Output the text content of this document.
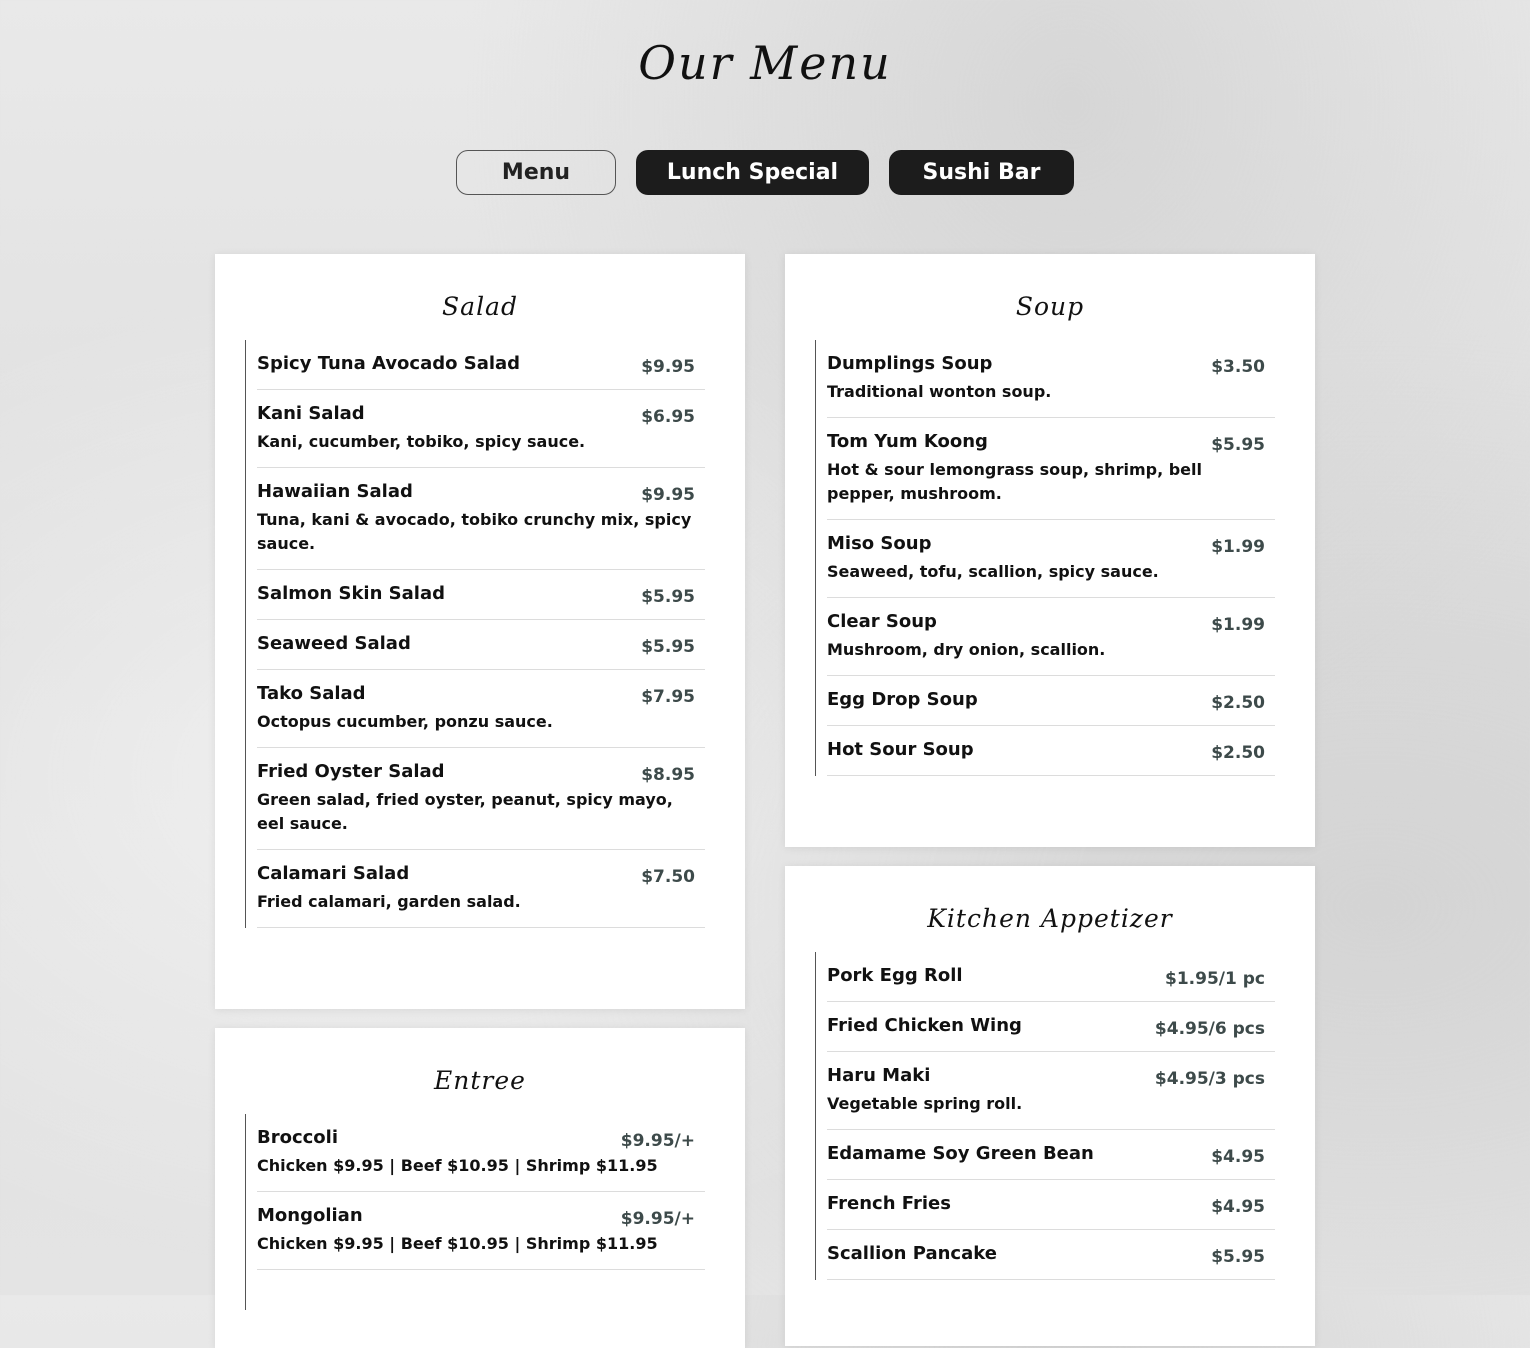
Our Menu
Menu	Lunch Special	Sushi Bar
Salad
Spicy Tuna Avocado Salad	$9.95
Kani Salad	$6.95
Kani, cucumber, tobiko, spicy sauce.
Hawaiian Salad	$9.95
Tuna, kani & avocado, tobiko crunchy mix, spicy sauce.
Salmon Skin Salad	$5.95
Seaweed Salad	$5.95
Tako Salad	$7.95
Octopus cucumber, ponzu sauce.
Fried Oyster Salad	$8.95
Green salad, fried oyster, peanut, spicy mayo, eel sauce.
Calamari Salad	$7.50
Fried calamari, garden salad.
Entree
Broccoli	$9.95/+
Chicken $9.95 | Beef $10.95 | Shrimp $11.95
Mongolian	$9.95/+
Chicken $9.95 | Beef $10.95 | Shrimp $11.95
Soup
Dumplings Soup	$3.50
Traditional wonton soup.
Tom Yum Koong	$5.95
Hot & sour lemongrass soup, shrimp, bell pepper, mushroom.
Miso Soup	$1.99
Seaweed, tofu, scallion, spicy sauce.
Clear Soup	$1.99
Mushroom, dry onion, scallion.
Egg Drop Soup	$2.50
Hot Sour Soup	$2.50
Kitchen Appetizer
Pork Egg Roll	$1.95/1 pc
Fried Chicken Wing	$4.95/6 pcs
Haru Maki	$4.95/3 pcs
Vegetable spring roll.
Edamame Soy Green Bean	$4.95
French Fries	$4.95
Scallion Pancake	$5.95
